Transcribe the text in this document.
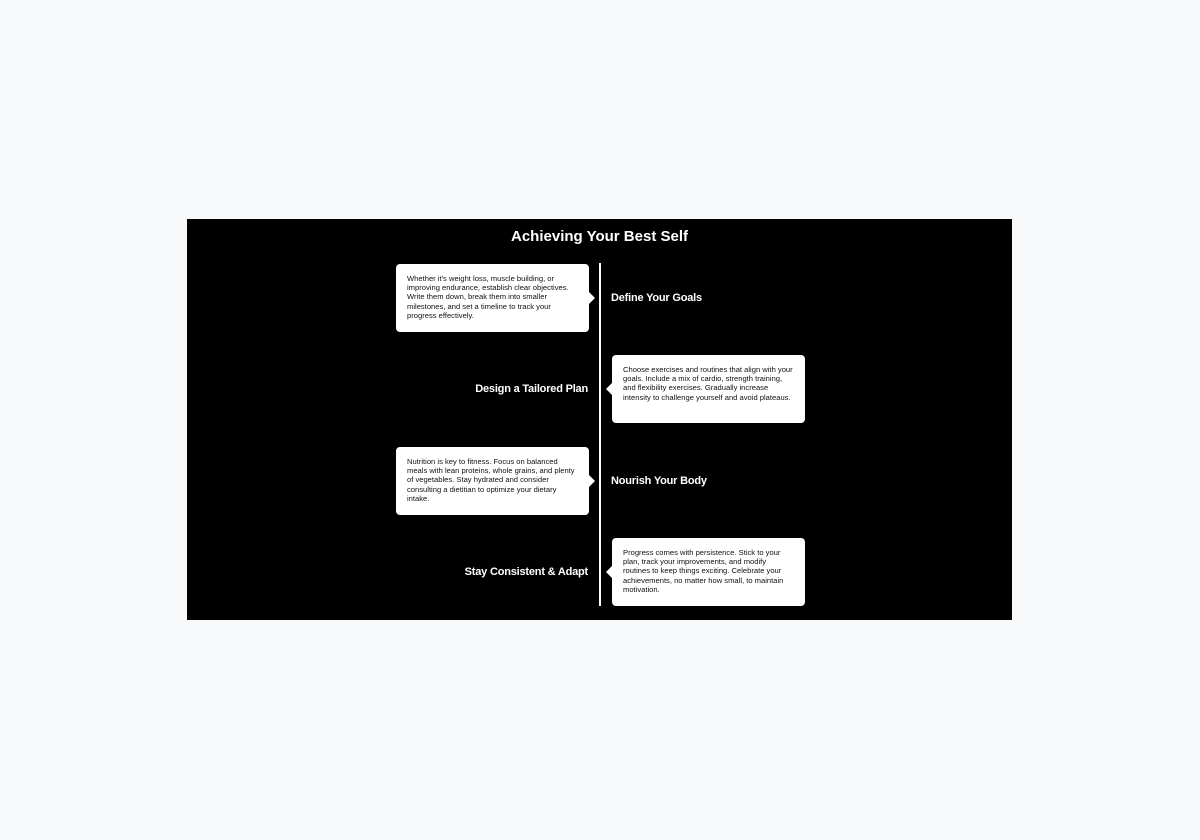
Achieving Your Best Self
Whether it's weight loss, muscle building, or improving endurance, establish clear objectives. Write them down, break them into smaller milestones, and set a timeline to track your progress effectively.
Define Your Goals
Choose exercises and routines that align with your goals. Include a mix of cardio, strength training, and flexibility exercises. Gradually increase intensity to challenge yourself and avoid plateaus.
Design a Tailored Plan
Nutrition is key to fitness. Focus on balanced meals with lean proteins, whole grains, and plenty of vegetables. Stay hydrated and consider consulting a dietitian to optimize your dietary intake.
Nourish Your Body
Progress comes with persistence. Stick to your plan, track your improvements, and modify routines to keep things exciting. Celebrate your achievements, no matter how small, to maintain motivation.
Stay Consistent & Adapt
